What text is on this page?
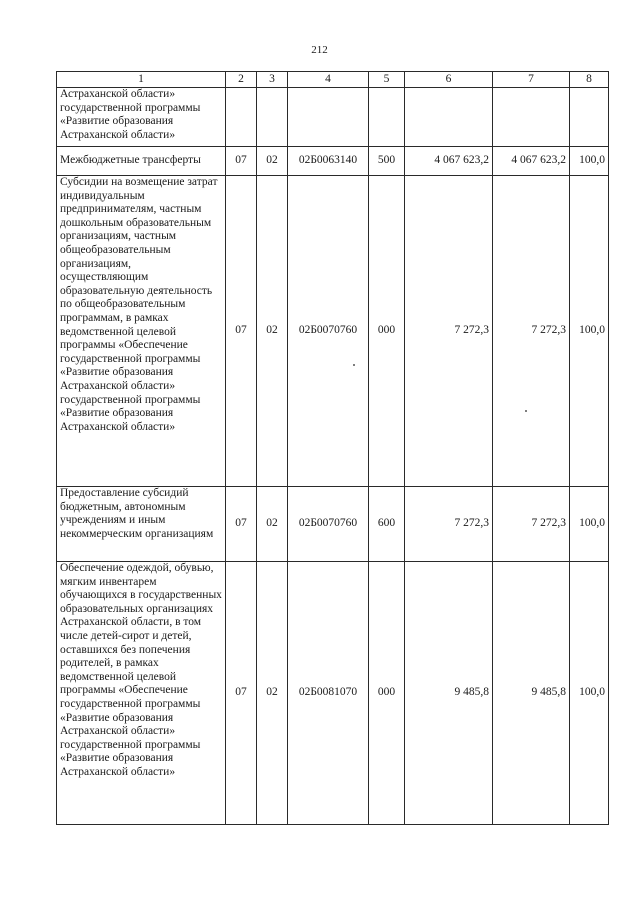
212
1	2	3	4	5	6	7	8
Астраханской области» государственной программы «Развитие образования Астраханской области»							
Межбюджетные трансферты	07	02	02Б0063140	500	4 067 623,2	4 067 623,2	100,0
Субсидии на возмещение затрат индивидуальным предпринимателям, частным дошкольным образовательным организациям, частным общеобразовательным организациям, осуществляющим образовательную деятельность по общеобразовательным программам, в рамках ведомственной целевой программы «Обеспечение государственной программы «Развитие образования Астраханской области» государственной программы «Развитие образования Астраханской области»	07	02	02Б0070760	000	7 272,3	7 272,3	100,0
Предоставление субсидий бюджетным, автономным учреждениям и иным некоммерческим организациям	07	02	02Б0070760	600	7 272,3	7 272,3	100,0
Обеспечение одеждой, обувью, мягким инвентарем обучающихся в государственных образовательных организациях Астраханской области, в том числе детей-сирот и детей, оставшихся без попечения родителей, в рамках ведомственной целевой программы «Обеспечение государственной программы «Развитие образования Астраханской области» государственной программы «Развитие образования Астраханской области»	07	02	02Б0081070	000	9 485,8	9 485,8	100,0
